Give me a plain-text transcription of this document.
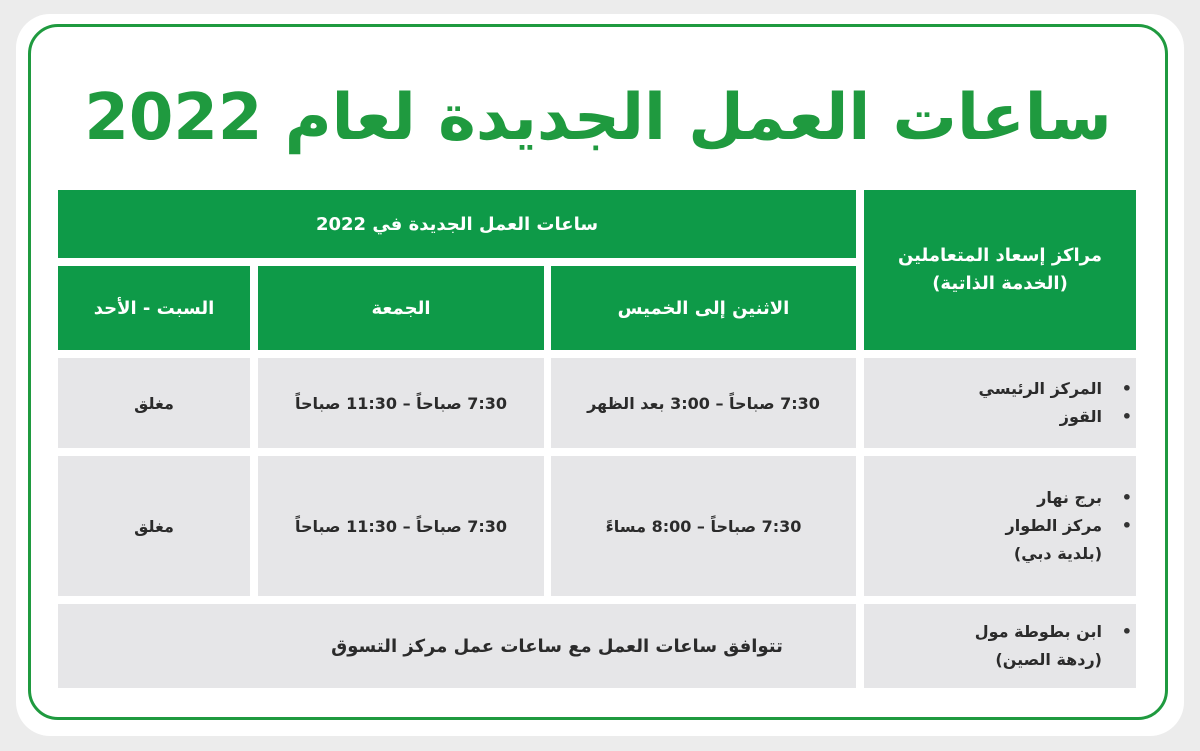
ساعات العمل الجديدة لعام 2022
مراكز إسعاد المتعاملين
(الخدمة الذاتية)
ساعات العمل الجديدة في 2022
الاثنين إلى الخميس
الجمعة
السبت - الأحد
• المركز الرئيسي
• القوز
7:30 صباحاً – 3:00 بعد الظهر
7:30 صباحاً – 11:30 صباحاً
مغلق
• برج نهار
• مركز الطوار
(بلدية دبي)
7:30 صباحاً – 8:00 مساءً
7:30 صباحاً – 11:30 صباحاً
مغلق
• ابن بطوطة مول
(ردهة الصين)
تتوافق ساعات العمل مع ساعات عمل مركز التسوق
